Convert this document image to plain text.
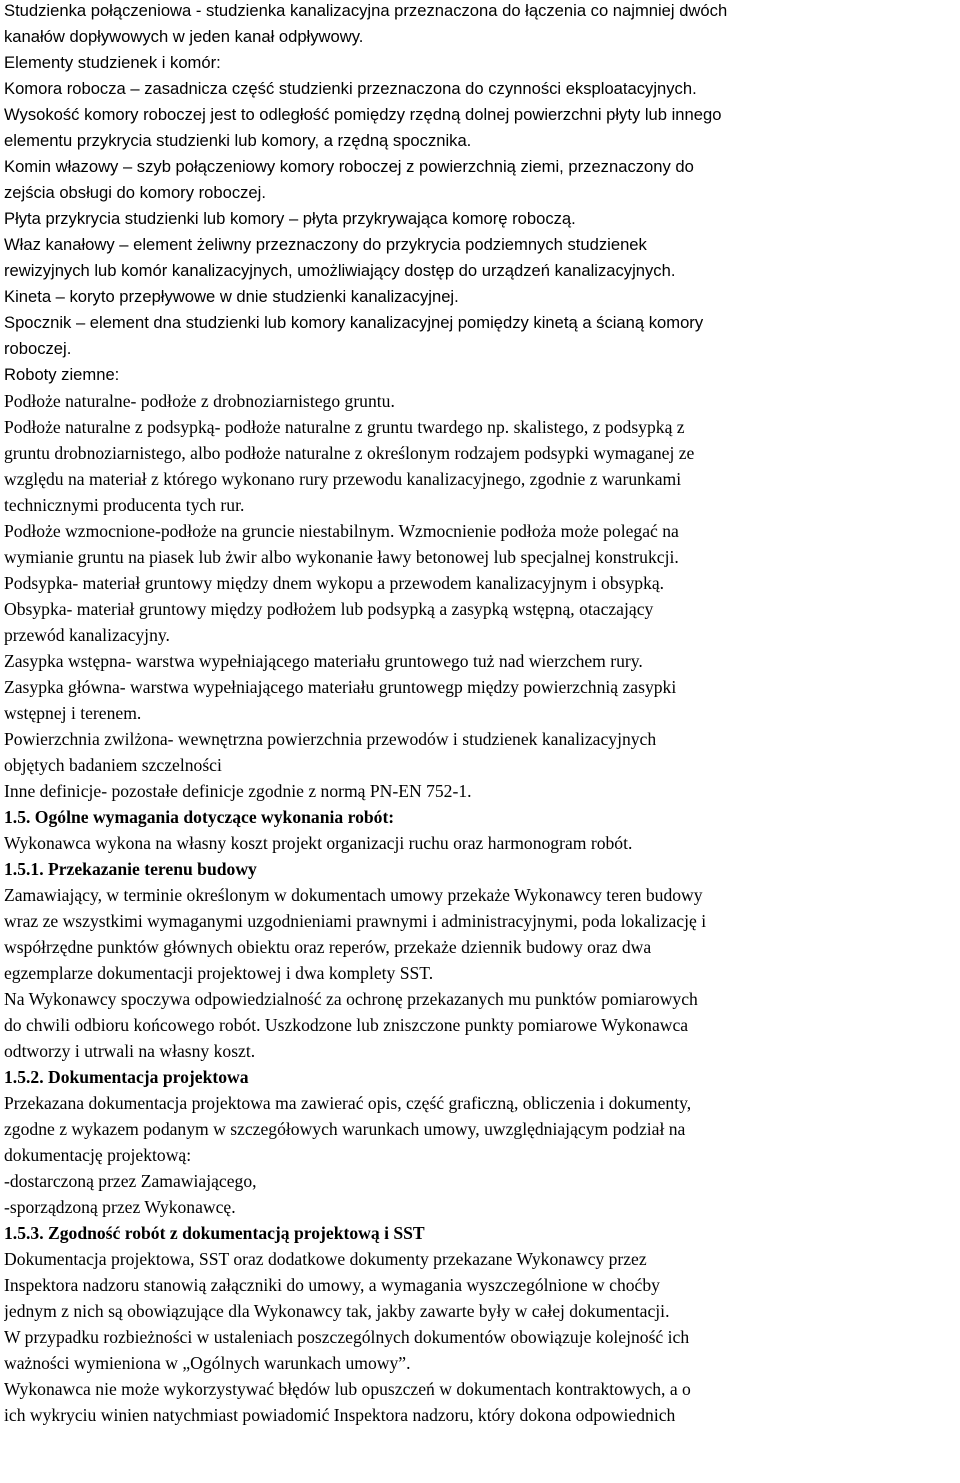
Studzienka połączeniowa - studzienka kanalizacyjna przeznaczona do łączenia co najmniej dwóch
kanałów dopływowych w jeden kanał odpływowy.
Elementy studzienek i komór:
Komora robocza – zasadnicza część studzienki przeznaczona do czynności eksploatacyjnych.
Wysokość komory roboczej jest to odległość pomiędzy rzędną dolnej powierzchni płyty lub innego
elementu przykrycia studzienki lub komory, a rzędną spocznika.
Komin włazowy – szyb połączeniowy komory roboczej z powierzchnią ziemi, przeznaczony do
zejścia obsługi do komory roboczej.
Płyta przykrycia studzienki lub komory – płyta przykrywająca komorę roboczą.
Właz kanałowy – element żeliwny przeznaczony do przykrycia podziemnych studzienek
rewizyjnych lub komór kanalizacyjnych, umożliwiający dostęp do urządzeń kanalizacyjnych.
Kineta – koryto przepływowe w dnie studzienki kanalizacyjnej.
Spocznik – element dna studzienki lub komory kanalizacyjnej pomiędzy kinetą a ścianą komory
roboczej.
Roboty ziemne:
Podłoże naturalne- podłoże z drobnoziarnistego gruntu.
Podłoże naturalne z podsypką- podłoże naturalne z gruntu twardego np. skalistego, z podsypką z
gruntu drobnoziarnistego, albo podłoże naturalne z określonym rodzajem podsypki wymaganej ze
względu na materiał z którego wykonano rury przewodu kanalizacyjnego, zgodnie z warunkami
technicznymi producenta tych rur.
Podłoże wzmocnione-podłoże na gruncie niestabilnym. Wzmocnienie podłoża może polegać na
wymianie gruntu na piasek lub żwir albo wykonanie ławy betonowej lub specjalnej konstrukcji.
Podsypka- materiał gruntowy między dnem wykopu a przewodem kanalizacyjnym i obsypką.
Obsypka- materiał gruntowy między podłożem lub podsypką a zasypką wstępną, otaczający
przewód kanalizacyjny.
Zasypka wstępna- warstwa wypełniającego materiału gruntowego tuż nad wierzchem rury.
Zasypka główna- warstwa wypełniającego materiału gruntowegp między powierzchnią zasypki
wstępnej i terenem.
Powierzchnia zwilżona- wewnętrzna powierzchnia przewodów i studzienek kanalizacyjnych
objętych badaniem szczelności
Inne definicje- pozostałe definicje zgodnie z normą PN-EN 752-1.
1.5. Ogólne wymagania dotyczące wykonania robót:
Wykonawca wykona na własny koszt projekt organizacji ruchu oraz harmonogram robót.
1.5.1. Przekazanie terenu budowy
Zamawiający, w terminie określonym w dokumentach umowy przekaże Wykonawcy teren budowy
wraz ze wszystkimi wymaganymi uzgodnieniami prawnymi i administracyjnymi, poda lokalizację i
współrzędne punktów głównych obiektu oraz reperów, przekaże dziennik budowy oraz dwa
egzemplarze dokumentacji projektowej i dwa komplety SST.
Na Wykonawcy spoczywa odpowiedzialność za ochronę przekazanych mu punktów pomiarowych
do chwili odbioru końcowego robót. Uszkodzone lub zniszczone punkty pomiarowe Wykonawca
odtworzy i utrwali na własny koszt.
1.5.2. Dokumentacja projektowa
Przekazana dokumentacja projektowa ma zawierać opis, część graficzną, obliczenia i dokumenty,
zgodne z wykazem podanym w szczegółowych warunkach umowy, uwzględniającym podział na
dokumentację projektową:
-dostarczoną przez Zamawiającego,
-sporządzoną przez Wykonawcę.
1.5.3. Zgodność robót z dokumentacją projektową i SST
Dokumentacja projektowa, SST oraz dodatkowe dokumenty przekazane Wykonawcy przez
Inspektora nadzoru stanowią załączniki do umowy, a wymagania wyszczególnione w choćby
jednym z nich są obowiązujące dla Wykonawcy tak, jakby zawarte były w całej dokumentacji.
W przypadku rozbieżności w ustaleniach poszczególnych dokumentów obowiązuje kolejność ich
ważności wymieniona w „Ogólnych warunkach umowy”.
Wykonawca nie może wykorzystywać błędów lub opuszczeń w dokumentach kontraktowych, a o
ich wykryciu winien natychmiast powiadomić Inspektora nadzoru, który dokona odpowiednich
